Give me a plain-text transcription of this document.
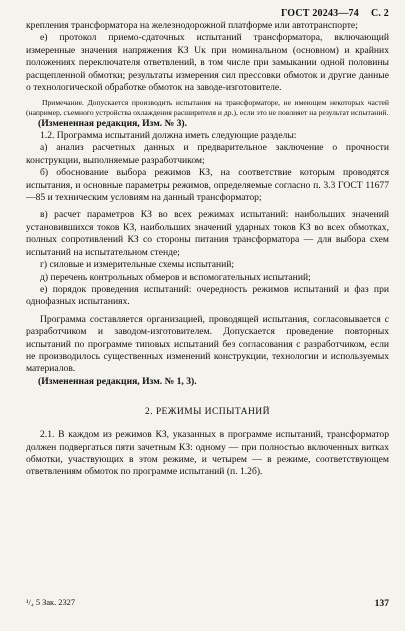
ГОСТ 20243—74 С. 2

крепления трансформатора на железнодорожной платформе или автотранспорте;

е) протокол приемо-сдаточных испытаний трансформатора, включающий измеренные значения напряжения КЗ Uк при номинальном (основном) и крайних положениях переключателя ответвлений, в том числе при замыкании одной половины расщепленной обмотки; результаты измерения сил прессовки обмоток и другие данные о технологической обработке обмоток на заводе-изготовителе.

Примечание. Допускается производить испытания на трансформаторе, не имеющем некоторых частей (например, съемного устройства охлаждения расширителя и др.), если это не повлияет на результат испытаний.

(Измененная редакция, Изм. № 3).

1.2. Программа испытаний должна иметь следующие разделы:

а) анализ расчетных данных и предварительное заключение о прочности конструкции, выполняемые разработчиком;

б) обоснование выбора режимов КЗ, на соответствие которым проводятся испытания, и основные параметры режимов, определяемые согласно п. 3.3 ГОСТ 11677—85 и техническим условиям на данный трансформатор;

в) расчет параметров КЗ во всех режимах испытаний: наибольших значений установившихся токов КЗ, наибольших значений ударных токов КЗ во всех обмотках, полных сопротивлений КЗ со стороны питания трансформатора — для выбора схем испытаний на испытательном стенде;

г) силовые и измерительные схемы испытаний;

д) перечень контрольных обмеров и вспомогательных испытаний;

е) порядок проведения испытаний: очередность режимов испытаний и фаз при однофазных испытаниях.

Программа составляется организацией, проводящей испытания, согласовывается с разработчиком и заводом-изготовителем. Допускается проведение повторных испытаний по программе типовых испытаний без согласования с разработчиком, если не производилось существенных изменений конструкции, технологии и используемых материалов.

(Измененная редакция, Изм. № 1, 3).

2. РЕЖИМЫ ИСПЫТАНИЙ

2.1. В каждом из режимов КЗ, указанных в программе испытаний, трансформатор должен подвергаться пяти зачетным КЗ: одному — при полностью включенных витках обмотки, участвующих в этом режиме, и четырем — в режиме, соответствующем ответвлениям обмоток по программе испытаний (п. 1.2б).

¹/₄ 5 Зак. 2327	137
